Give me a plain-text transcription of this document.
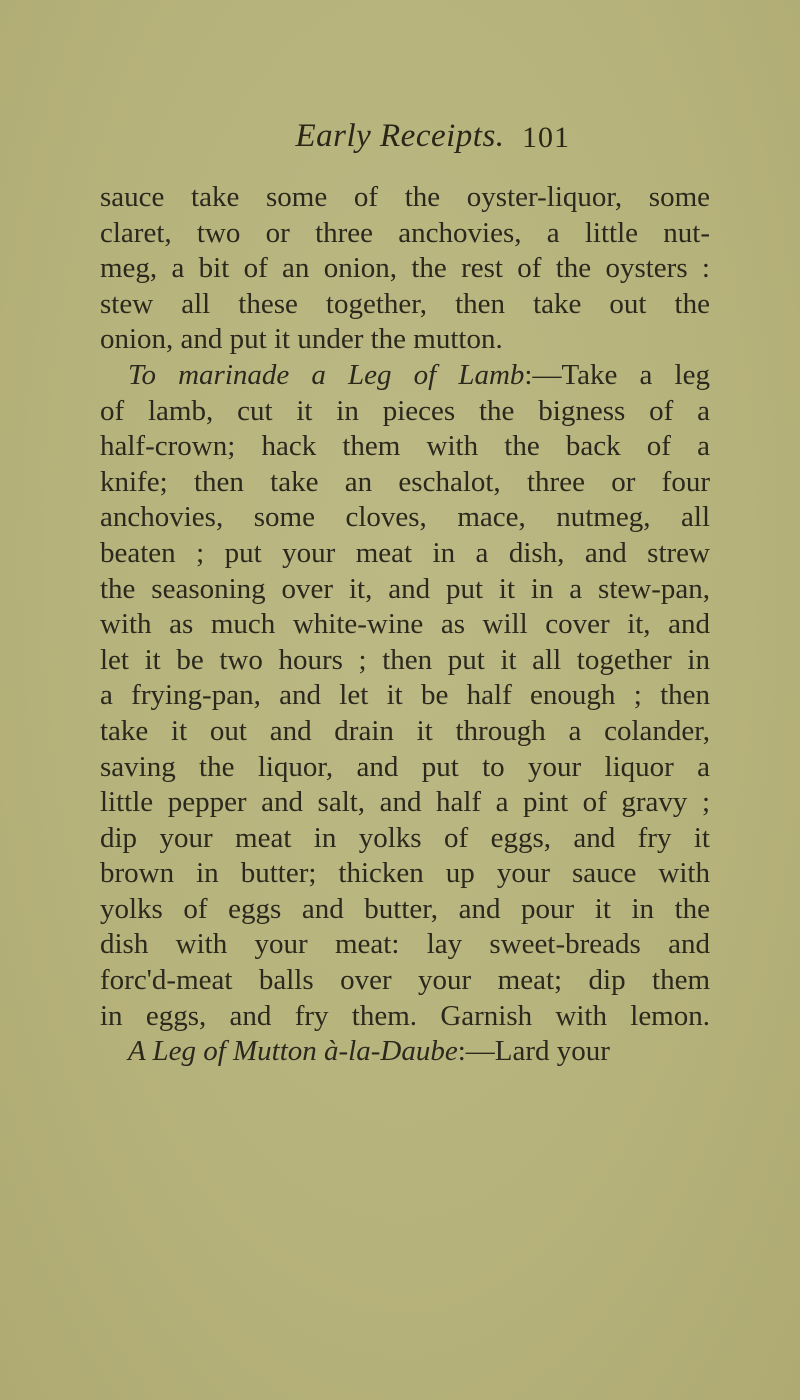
Early Receipts. 101
sauce take some of the oyster-liquor, some
claret, two or three anchovies, a little nut-
meg, a bit of an onion, the rest of the oysters :
stew all these together, then take out the
onion, and put it under the mutton.
To marinade a Leg of Lamb:—Take a leg
of lamb, cut it in pieces the bigness of a
half-crown; hack them with the back of a
knife; then take an eschalot, three or four
anchovies, some cloves, mace, nutmeg, all
beaten ; put your meat in a dish, and strew
the seasoning over it, and put it in a stew-pan,
with as much white-wine as will cover it, and
let it be two hours ; then put it all together in
a frying-pan, and let it be half enough ; then
take it out and drain it through a colander,
saving the liquor, and put to your liquor a
little pepper and salt, and half a pint of gravy ;
dip your meat in yolks of eggs, and fry it
brown in butter; thicken up your sauce with
yolks of eggs and butter, and pour it in the
dish with your meat: lay sweet-breads and
forc'd-meat balls over your meat; dip them
in eggs, and fry them. Garnish with lemon.
A Leg of Mutton à-la-Daube:—Lard your
